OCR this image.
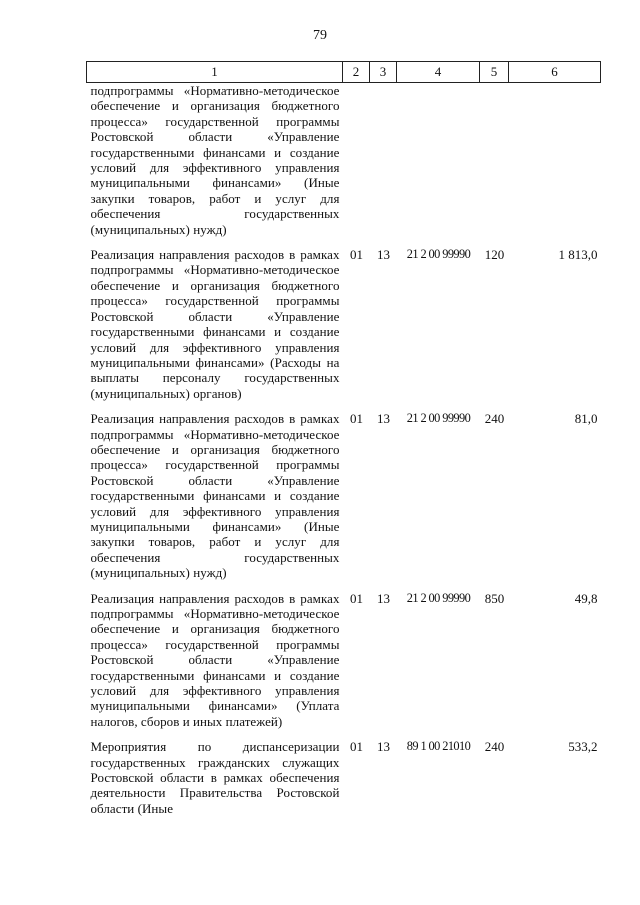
79
1	2	3	4	5	6
подпрограммы «Нормативно-методическое обеспечение и организация бюджетного процесса» государственной программы Ростовской области «Управление государственными финансами и создание условий для эффективного управления муниципальными финансами» (Иные закупки товаров, работ и услуг для обеспечения государственных (муниципальных) нужд)					

Реализация направления расходов в рамках подпрограммы «Нормативно-методическое обеспечение и организация бюджетного процесса» государственной программы Ростовской области «Управление государственными финансами и создание условий для эффективного управления муниципальными финансами» (Расходы на выплаты персоналу государственных (муниципальных) органов)	01	13	21 2 00 99990	120	1 813,0

Реализация направления расходов в рамках подпрограммы «Нормативно-методическое обеспечение и организация бюджетного процесса» государственной программы Ростовской области «Управление государственными финансами и создание условий для эффективного управления муниципальными финансами» (Иные закупки товаров, работ и услуг для обеспечения государственных (муниципальных) нужд)	01	13	21 2 00 99990	240	81,0

Реализация направления расходов в рамках подпрограммы «Нормативно-методическое обеспечение и организация бюджетного процесса» государственной программы Ростовской области «Управление государственными финансами и создание условий для эффективного управления муниципальными финансами» (Уплата налогов, сборов и иных платежей)	01	13	21 2 00 99990	850	49,8

Мероприятия по диспансеризации государственных гражданских служащих Ростовской области в рамках обеспечения деятельности Правительства Ростовской области (Иные	01	13	89 1 00 21010	240	533,2
